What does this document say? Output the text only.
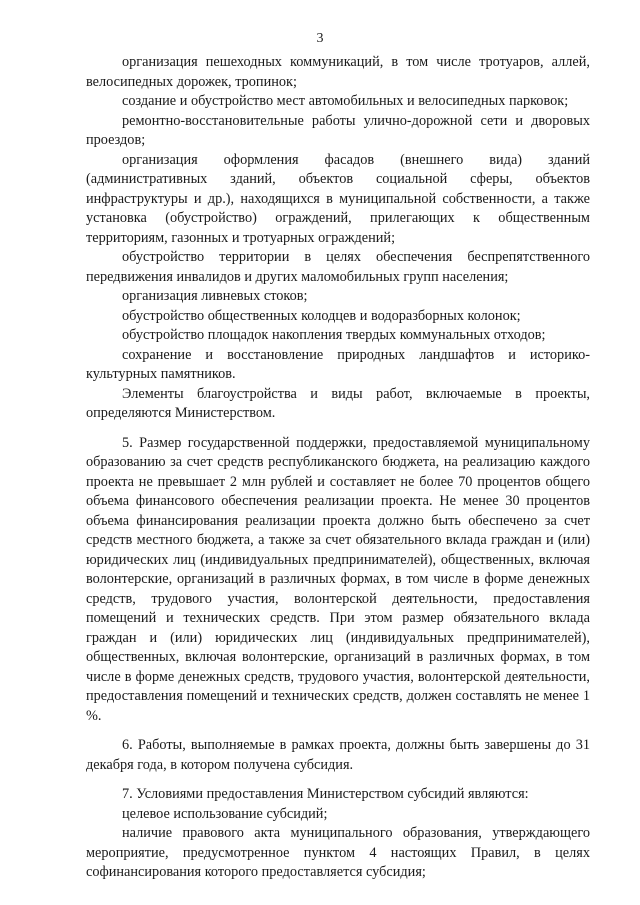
3

организация пешеходных коммуникаций, в том числе тротуаров, аллей, велосипедных дорожек, тропинок;

создание и обустройство мест автомобильных и велосипедных парковок;

ремонтно-восстановительные работы улично-дорожной сети и дворовых проездов;

организация оформления фасадов (внешнего вида) зданий (административных зданий, объектов социальной сферы, объектов инфраструктуры и др.), находящихся в муниципальной собственности, а также установка (обустройство) ограждений, прилегающих к общественным территориям, газонных и тротуарных ограждений;

обустройство территории в целях обеспечения беспрепятственного передвижения инвалидов и других маломобильных групп населения;

организация ливневых стоков;

обустройство общественных колодцев и водоразборных колонок;

обустройство площадок накопления твердых коммунальных отходов;

сохранение и восстановление природных ландшафтов и историко-культурных памятников.

Элементы благоустройства и виды работ, включаемые в проекты, определяются Министерством.

5. Размер государственной поддержки, предоставляемой муниципальному образованию за счет средств республиканского бюджета, на реализацию каждого проекта не превышает 2 млн рублей и составляет не более 70 процентов общего объема финансового обеспечения реализации проекта. Не менее 30 процентов объема финансирования реализации проекта должно быть обеспечено за счет средств местного бюджета, а также за счет обязательного вклада граждан и (или) юридических лиц (индивидуальных предпринимателей), общественных, включая волонтерские, организаций в различных формах, в том числе в форме денежных средств, трудового участия, волонтерской деятельности, предоставления помещений и технических средств. При этом размер обязательного вклада граждан и (или) юридических лиц (индивидуальных предпринимателей), общественных, включая волонтерские, организаций в различных формах, в том числе в форме денежных средств, трудового участия, волонтерской деятельности, предоставления помещений и технических средств, должен составлять не менее 1 %.

6. Работы, выполняемые в рамках проекта, должны быть завершены до 31 декабря года, в котором получена субсидия.

7. Условиями предоставления Министерством субсидий являются:

целевое использование субсидий;

наличие правового акта муниципального образования, утверждающего мероприятие, предусмотренное пунктом 4 настоящих Правил, в целях софинансирования которого предоставляется субсидия;
